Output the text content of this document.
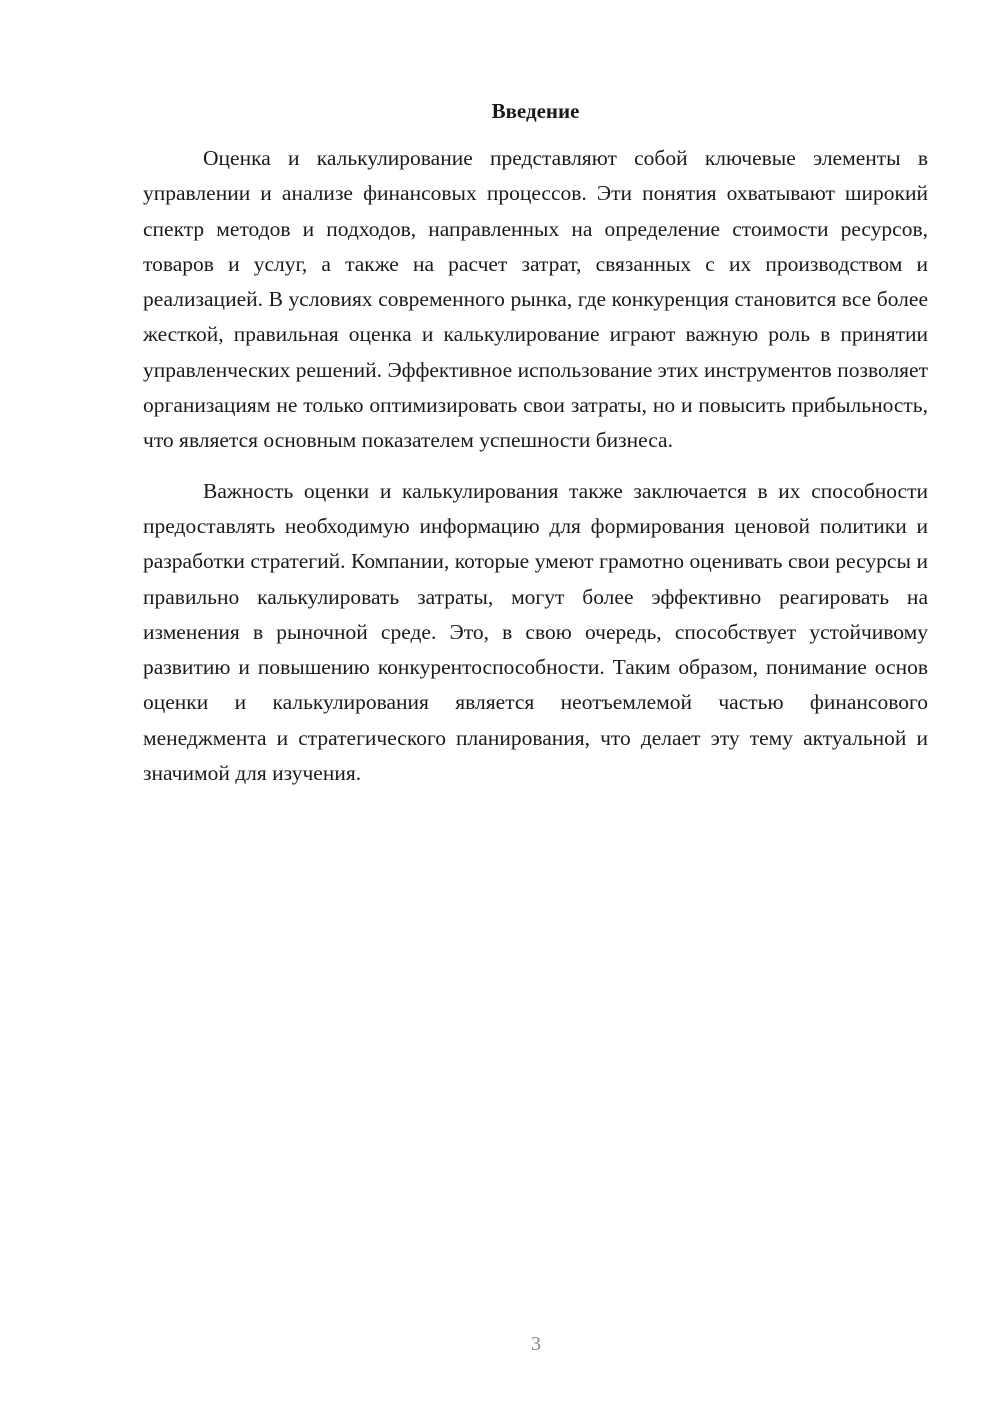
Введение

Оценка и калькулирование представляют собой ключевые элементы в управлении и анализе финансовых процессов. Эти понятия охватывают широкий спектр методов и подходов, направленных на определение стоимости ресурсов, товаров и услуг, а также на расчет затрат, связанных с их производством и реализацией. В условиях современного рынка, где конкуренция становится все более жесткой, правильная оценка и калькулирование играют важную роль в принятии управленческих решений. Эффективное использование этих инструментов позволяет организациям не только оптимизировать свои затраты, но и повысить прибыльность, что является основным показателем успешности бизнеса.

Важность оценки и калькулирования также заключается в их способности предоставлять необходимую информацию для формирования ценовой политики и разработки стратегий. Компании, которые умеют грамотно оценивать свои ресурсы и правильно калькулировать затраты, могут более эффективно реагировать на изменения в рыночной среде. Это, в свою очередь, способствует устойчивому развитию и повышению конкурентоспособности. Таким образом, понимание основ оценки и калькулирования является неотъемлемой частью финансового менеджмента и стратегического планирования, что делает эту тему актуальной и значимой для изучения.

3
